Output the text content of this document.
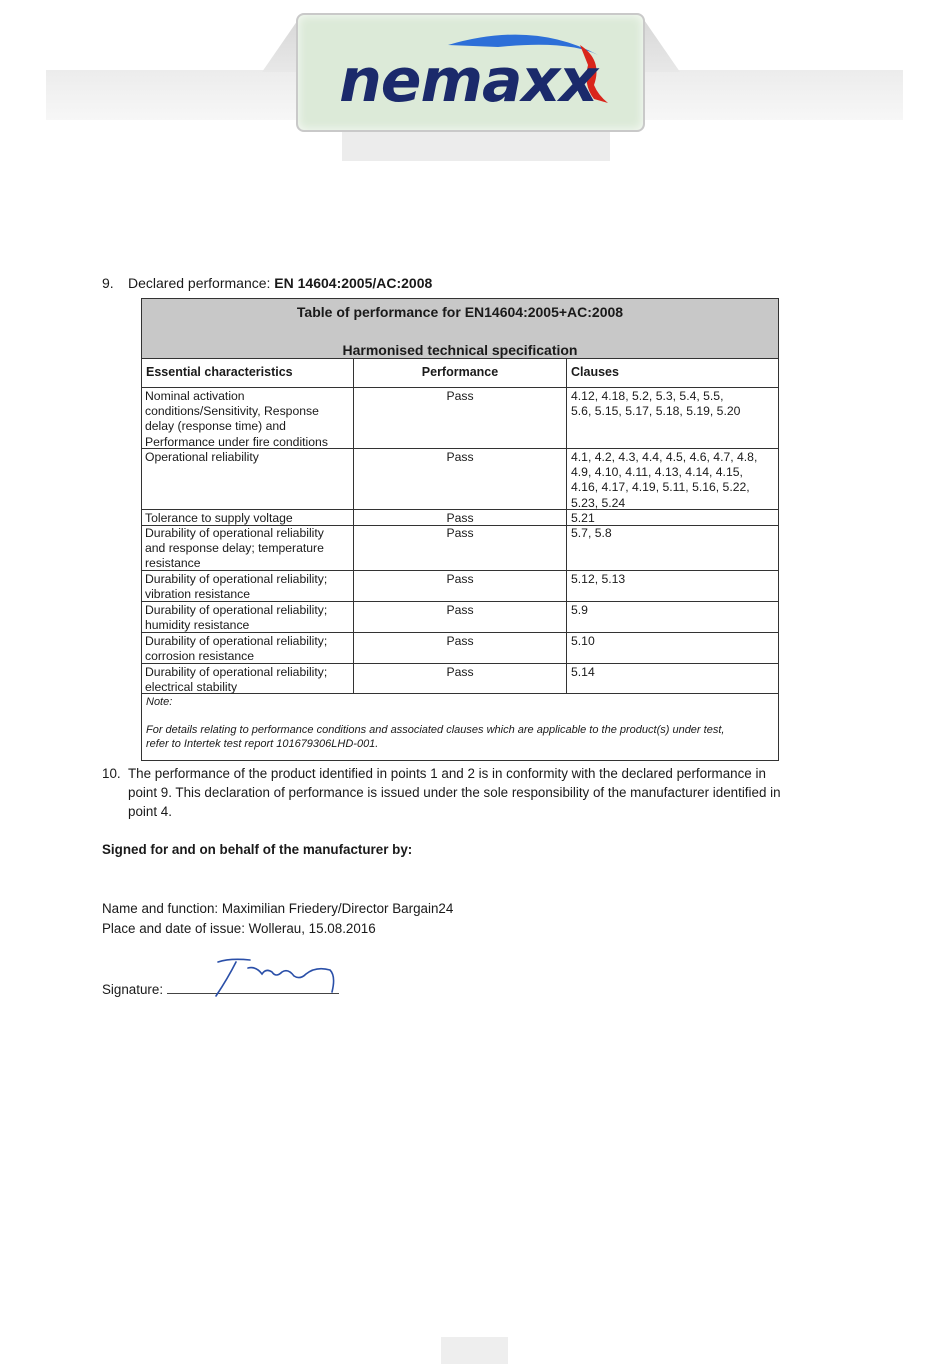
nemaxx
9. Declared performance: EN 14604:2005/AC:2008
Table of performance for EN14604:2005+AC:2008
Harmonised technical specification
Essential characteristics	Performance	Clauses
Nominal activation
conditions/Sensitivity, Response
delay (response time) and
Performance under fire conditions
Pass	4.12, 4.18, 5.2, 5.3, 5.4, 5.5,
5.6, 5.15, 5.17, 5.18, 5.19, 5.20
Operational reliability	Pass	4.1, 4.2, 4.3, 4.4, 4.5, 4.6, 4.7, 4.8,
4.9, 4.10, 4.11, 4.13, 4.14, 4.15,
4.16, 4.17, 4.19, 5.11, 5.16, 5.22,
5.23, 5.24
Tolerance to supply voltage	Pass	5.21
Durability of operational reliability
and response delay; temperature
resistance
Pass	5.7, 5.8
Durability of operational reliability;
vibration resistance
Pass	5.12, 5.13
Durability of operational reliability;
humidity resistance
Pass	5.9
Durability of operational reliability;
corrosion resistance
Pass	5.10
Durability of operational reliability;
electrical stability
Pass	5.14
Note:
For details relating to performance conditions and associated clauses which are applicable to the product(s) under test,
refer to Intertek test report 101679306LHD-001.
10. The performance of the product identified in points 1 and 2 is in conformity with the declared performance in
point 9. This declaration of performance is issued under the sole responsibility of the manufacturer identified in
point 4.
Signed for and on behalf of the manufacturer by:
Name and function: Maximilian Friedery/Director Bargain24
Place and date of issue: Wollerau, 15.08.2016
Signature:
